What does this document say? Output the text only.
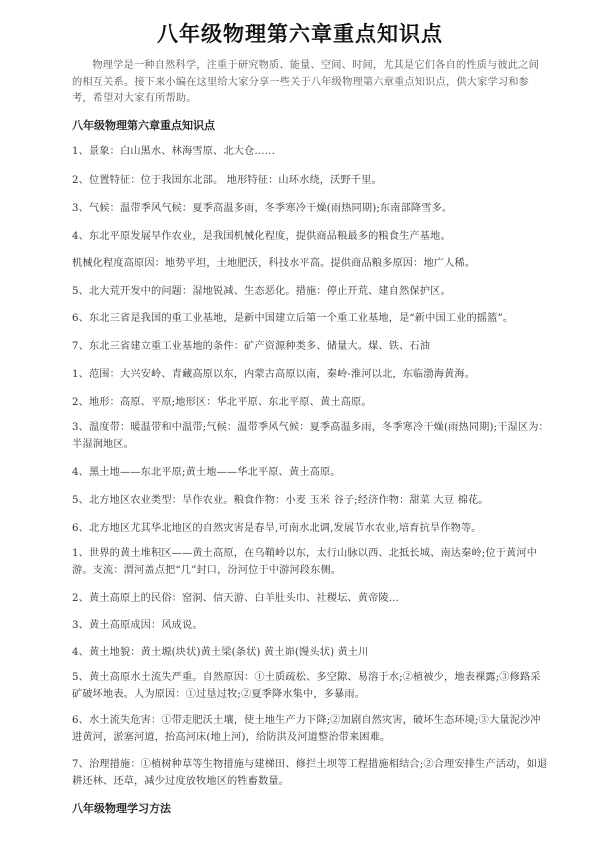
八年级物理第六章重点知识点
物理学是一种自然科学，注重于研究物质、能量、空间、时间，尤其是它们各自的性质与彼此之间的相互关系。接下来小编在这里给大家分享一些关于八年级物理第六章重点知识点，供大家学习和参考，希望对大家有所帮助。
八年级物理第六章重点知识点
1、景象：白山黑水、林海雪原、北大仓……
2、位置特征：位于我国东北部。 地形特征：山环水绕，沃野千里。
3、气候：温带季风气候：夏季高温多雨，冬季寒冷干燥(雨热同期);东南部降雪多。
4、东北平原发展早作农业，是我国机械化程度，提供商品粮最多的粮食生产基地。
机械化程度高原因：地势平坦，土地肥沃，科技水平高。提供商品粮多原因：地广人稀。
5、北大荒开发中的问题：湿地锐减、生态恶化。措施：停止开荒、建自然保护区。
6、东北三省是我国的重工业基地，是新中国建立后第一个重工业基地，是“新中国工业的摇篮”。
7、东北三省建立重工业基地的条件：矿产资源种类多、储量大。煤、铁、石油
1、范围：大兴安岭、青藏高原以东，内蒙古高原以南，秦岭-淮河以北，东临渤海黄海。
2、地形：高原、平原;地形区：华北平原、东北平原、黄土高原。
3、温度带：暖温带和中温带;气候：温带季风气候：夏季高温多雨，冬季寒冷干燥(雨热同期);干湿区为：半湿润地区。
4、黑土地——东北平原;黄土地——华北平原、黄土高原。
5、北方地区农业类型：旱作农业。粮食作物：小麦 玉米 谷子;经济作物：甜菜 大豆 棉花。
6、北方地区尤其华北地区的自然灾害是春旱,可南水北调,发展节水农业,培育抗旱作物等。
1、世界的黄土堆积区——黄土高原，在乌鞘岭以东，太行山脉以西、北抵长城、南达秦岭;位于黄河中游。支流：渭河盖点把“几”封口，汾河位于中游河段东侧。
2、黄土高原上的民俗：窑洞、信天游、白羊肚头巾、社稷坛、黄帝陵…
3、黄土高原成因：风成说。
4、黄土地貌：黄土塬(块状)黄土梁(条状) 黄土峁(馒头状) 黄土川
5、黄土高原水土流失严重。自然原因：①土质疏松、多空隙、易溶于水;②植被少，地表裸露;③修路采矿破坏地表。人为原因：①过垦过牧;②夏季降水集中，多暴雨。
6、水土流失危害：①带走肥沃土壤，使土地生产力下降;②加剧自然灾害，破坏生态环境;③大量泥沙冲进黄河，淤塞河道，抬高河床(地上河)，给防洪及河道整治带来困难。
7、治理措施：①植树种草等生物措施与建梯田、修拦土坝等工程措施相结合;②合理安排生产活动，如退耕还林、还草，减少过度放牧地区的牲畜数量。
八年级物理学习方法
